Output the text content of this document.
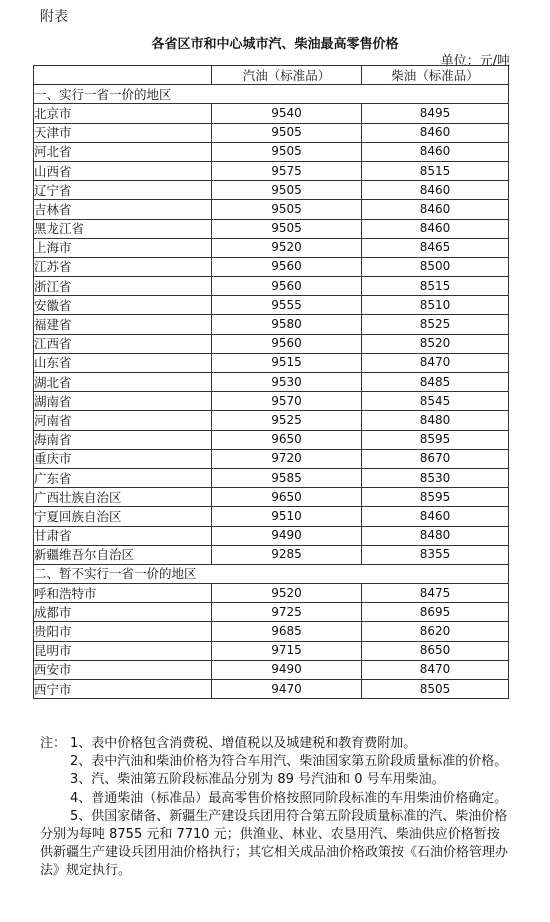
附表
各省区市和中心城市汽、柴油最高零售价格
单位：元/吨
	汽油（标准品）	柴油（标准品）
一、实行一省一价的地区		
北京市	9540	8495
天津市	9505	8460
河北省	9505	8460
山西省	9575	8515
辽宁省	9505	8460
吉林省	9505	8460
黑龙江省	9505	8460
上海市	9520	8465
江苏省	9560	8500
浙江省	9560	8515
安徽省	9555	8510
福建省	9580	8525
江西省	9560	8520
山东省	9515	8470
湖北省	9530	8485
湖南省	9570	8545
河南省	9525	8480
海南省	9650	8595
重庆市	9720	8670
广东省	9585	8530
广西壮族自治区	9650	8595
宁夏回族自治区	9510	8460
甘肃省	9490	8480
新疆维吾尔自治区	9285	8355
二、暂不实行一省一价的地区		
呼和浩特市	9520	8475
成都市	9725	8695
贵阳市	9685	8620
昆明市	9715	8650
西安市	9490	8470
西宁市	9470	8505
注： 1、表中价格包含消费税、增值税以及城建税和教育费附加。
2、表中汽油和柴油价格为符合车用汽、柴油国家第五阶段质量标准的价格。
3、汽、柴油第五阶段标准品分别为 89 号汽油和 0 号车用柴油。
4、普通柴油（标准品）最高零售价格按照同阶段标准的车用柴油价格确定。
5、供国家储备、新疆生产建设兵团用符合第五阶段质量标准的汽、柴油价格分别为每吨 8755 元和 7710 元；供渔业、林业、农垦用汽、柴油供应价格暂按供新疆生产建设兵团用油价格执行；其它相关成品油价格政策按《石油价格管理办法》规定执行。
